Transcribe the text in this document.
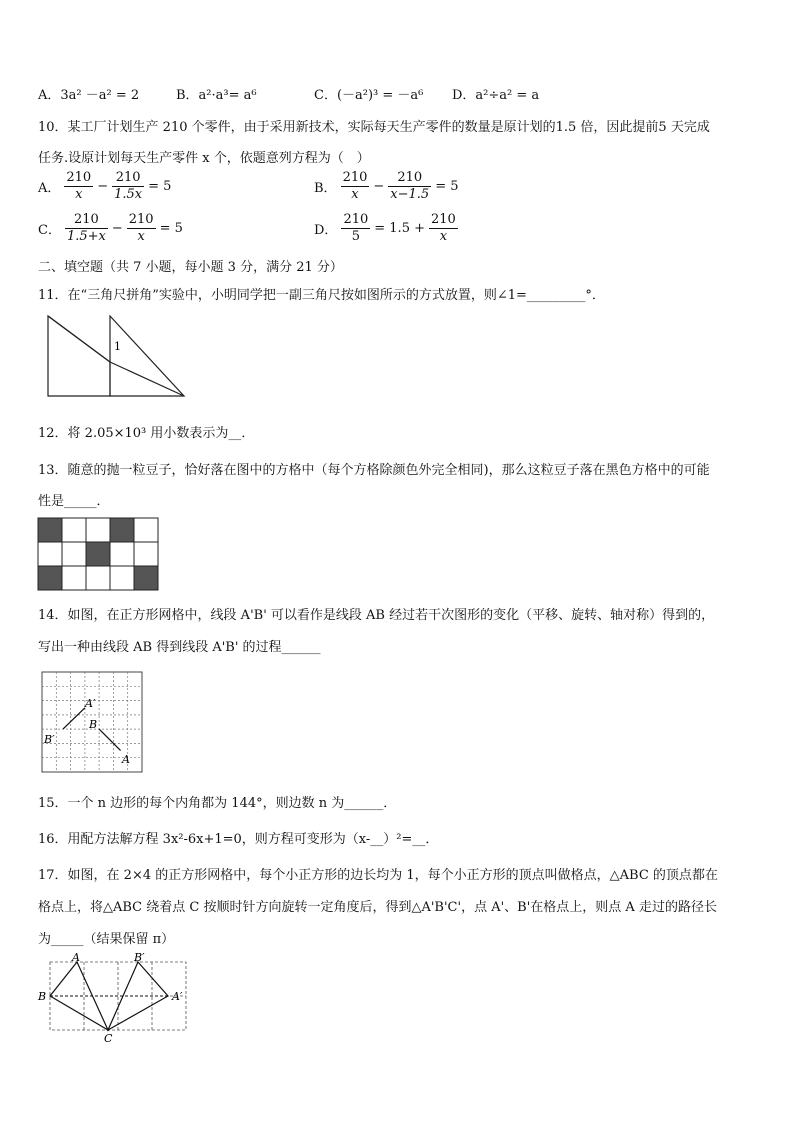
A．3a² －a² = 2	B．a²·a³= a⁶	C．(－a²)³ = －a⁶ D．a²÷a² = a
10．某工厂计划生产 210 个零件，由于采用新技术，实际每天生产零件的数量是原计划的1.5 倍，因此提前5 天完成
任务.设原计划每天生产零件 x 个，依题意列方程为（　）
A． $\frac{210}{x} - \frac{210}{1.5x} = 5$	B． $\frac{210}{x} - \frac{210}{x-1.5} = 5$
C． $\frac{210}{1.5+x} - \frac{210}{x} = 5$	D． $\frac{210}{5} = 1.5 + \frac{210}{x}$
二、填空题（共 7 小题，每小题 3 分，满分 21 分）
11．在“三角尺拼角”实验中，小明同学把一副三角尺按如图所示的方式放置，则∠1=_________°．
1
12．将 2.05×10³ 用小数表示为__．
13．随意的抛一粒豆子，恰好落在图中的方格中（每个方格除颜色外完全相同)，那么这粒豆子落在黑色方格中的可能
性是_____．
14．如图，在正方形网格中，线段 A'B' 可以看作是线段 AB 经过若干次图形的变化（平移、旋转、轴对称）得到的，
写出一种由线段 AB 得到线段 A'B' 的过程______
A′
B′
B
A
15．一个 n 边形的每个内角都为 144°，则边数 n 为______．
16．用配方法解方程 3x²-6x+1=0，则方程可变形为（x-__）²=__．
17．如图，在 2×4 的正方形网格中，每个小正方形的边长均为 1，每个小正方形的顶点叫做格点，△ABC 的顶点都在
格点上，将△ABC 绕着点 C 按顺时针方向旋转一定角度后，得到△A'B'C'，点 A'、B'在格点上，则点 A 走过的路径长
为_____（结果保留 π）
A	B′
B	A′
C
